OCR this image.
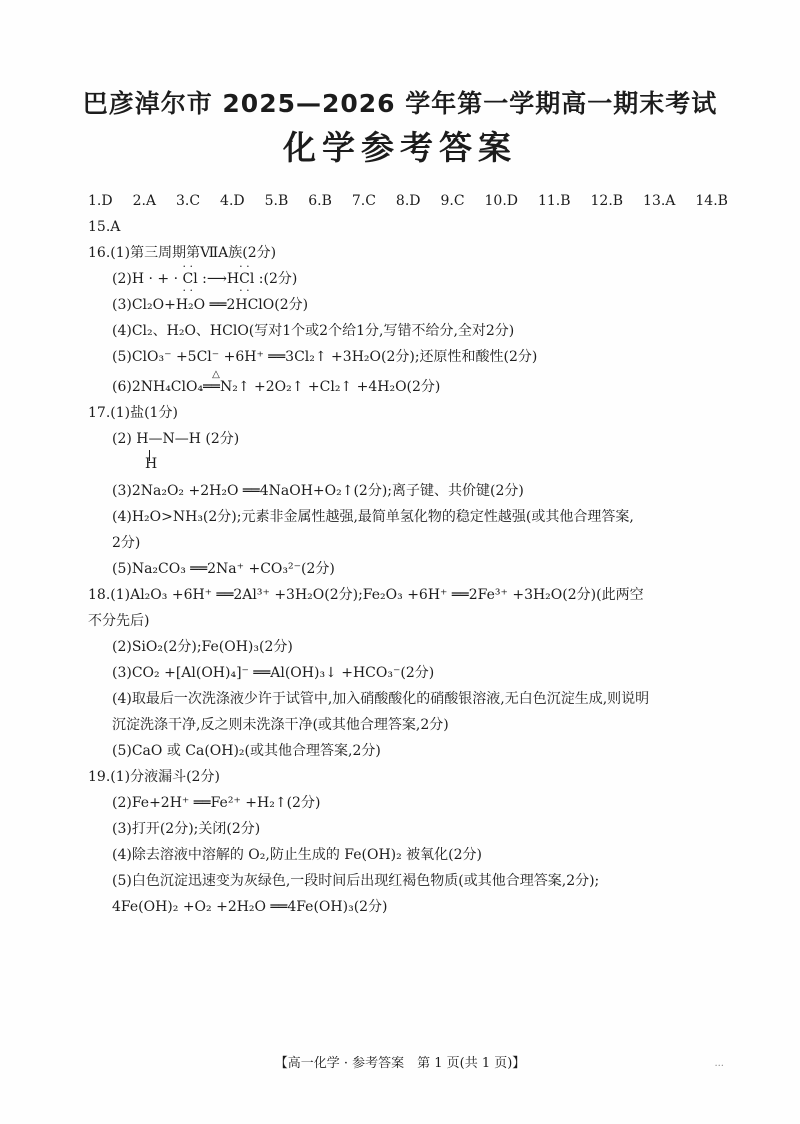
巴彦淖尔市 2025—2026 学年第一学期高一期末考试
化学参考答案
1.D 2.A 3.C 4.D 5.B 6.B 7.C 8.D 9.C 10.D 11.B 12.B 13.A 14.B
15.A
16.(1)第三周期第ⅦA族(2分)
(2)H · + · · · Cl · · :⟶H· · Cl · · :(2分)
(3)Cl₂O+H₂O ══2HClO(2分)
(4)Cl₂、H₂O、HClO(写对1个或2个给1分,写错不给分,全对2分)
(5)ClO₃⁻ +5Cl⁻ +6H⁺ ══3Cl₂↑ +3H₂O(2分);还原性和酸性(2分)
(6)2NH₄ClO₄△ ══N₂↑ +2O₂↑ +Cl₂↑ +4H₂O(2分)
17.(1)盐(1分)
(2) H—N—H (2分)
H
(3)2Na₂O₂ +2H₂O ══4NaOH+O₂↑(2分);离子键、共价键(2分)
(4)H₂O>NH₃(2分);元素非金属性越强,最简单氢化物的稳定性越强(或其他合理答案,
2分)
(5)Na₂CO₃ ══2Na⁺ +CO₃²⁻(2分)
18.(1)Al₂O₃ +6H⁺ ══2Al³⁺ +3H₂O(2分);Fe₂O₃ +6H⁺ ══2Fe³⁺ +3H₂O(2分)(此两空
不分先后)
(2)SiO₂(2分);Fe(OH)₃(2分)
(3)CO₂ +[Al(OH)₄]⁻ ══Al(OH)₃↓ +HCO₃⁻(2分)
(4)取最后一次洗涤液少许于试管中,加入硝酸酸化的硝酸银溶液,无白色沉淀生成,则说明
沉淀洗涤干净,反之则未洗涤干净(或其他合理答案,2分)
(5)CaO 或 Ca(OH)₂(或其他合理答案,2分)
19.(1)分液漏斗(2分)
(2)Fe+2H⁺ ══Fe²⁺ +H₂↑(2分)
(3)打开(2分);关闭(2分)
(4)除去溶液中溶解的 O₂,防止生成的 Fe(OH)₂ 被氧化(2分)
(5)白色沉淀迅速变为灰绿色,一段时间后出现红褐色物质(或其他合理答案,2分);
4Fe(OH)₂ +O₂ +2H₂O ══4Fe(OH)₃(2分)
【高一化学 · 参考答案　第 1 页(共 1 页)】	...
